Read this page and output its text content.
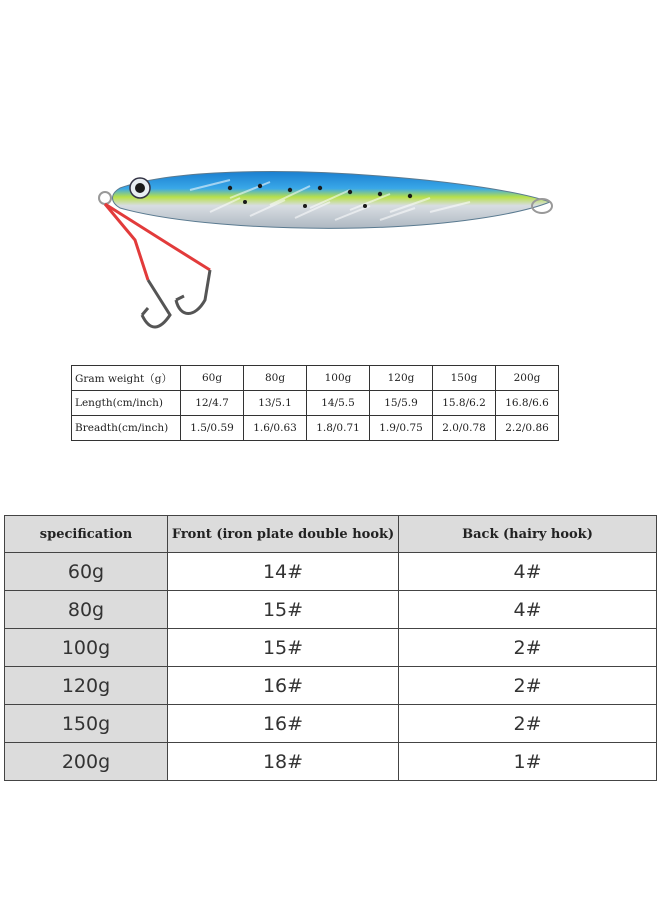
Gram weight（g）	60g	80g	100g	120g	150g	200g
Length(cm/inch)	12/4.7	13/5.1	14/5.5	15/5.9	15.8/6.2	16.8/6.6
Breadth(cm/inch)	1.5/0.59	1.6/0.63	1.8/0.71	1.9/0.75	2.0/0.78	2.2/0.86
specification	Front (iron plate double hook)	Back (hairy hook)
60g	14#	4#
80g	15#	4#
100g	15#	2#
120g	16#	2#
150g	16#	2#
200g	18#	1#
